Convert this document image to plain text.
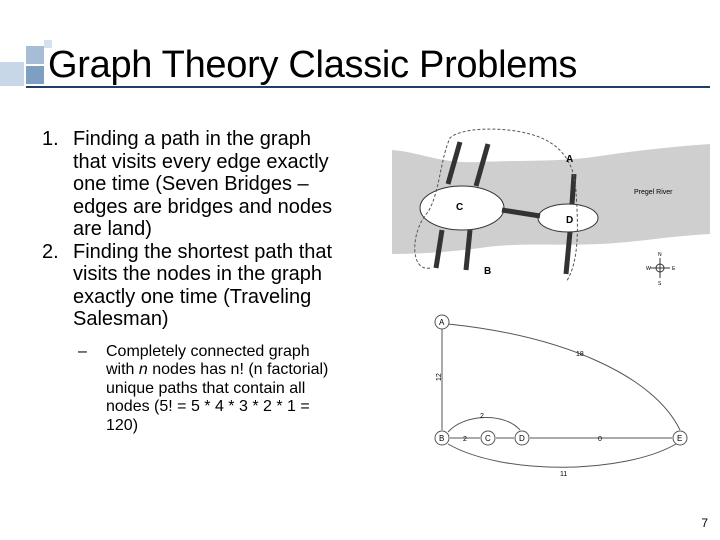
Graph Theory Classic Problems
1. Finding a path in the graph that visits every edge exactly one time (Seven Bridges – edges are bridges and nodes are land)
2. Finding the shortest path that visits the nodes in the graph exactly one time (Traveling Salesman)
– Completely connected graph with n nodes has n! (n factorial) unique paths that contain all nodes (5! = 5 * 4 * 3 * 2 * 1 = 120)
A
B
C
D
Pregel River
N
S
W	E
A
B	C	D	E
12
18
2
2
0
11
7
